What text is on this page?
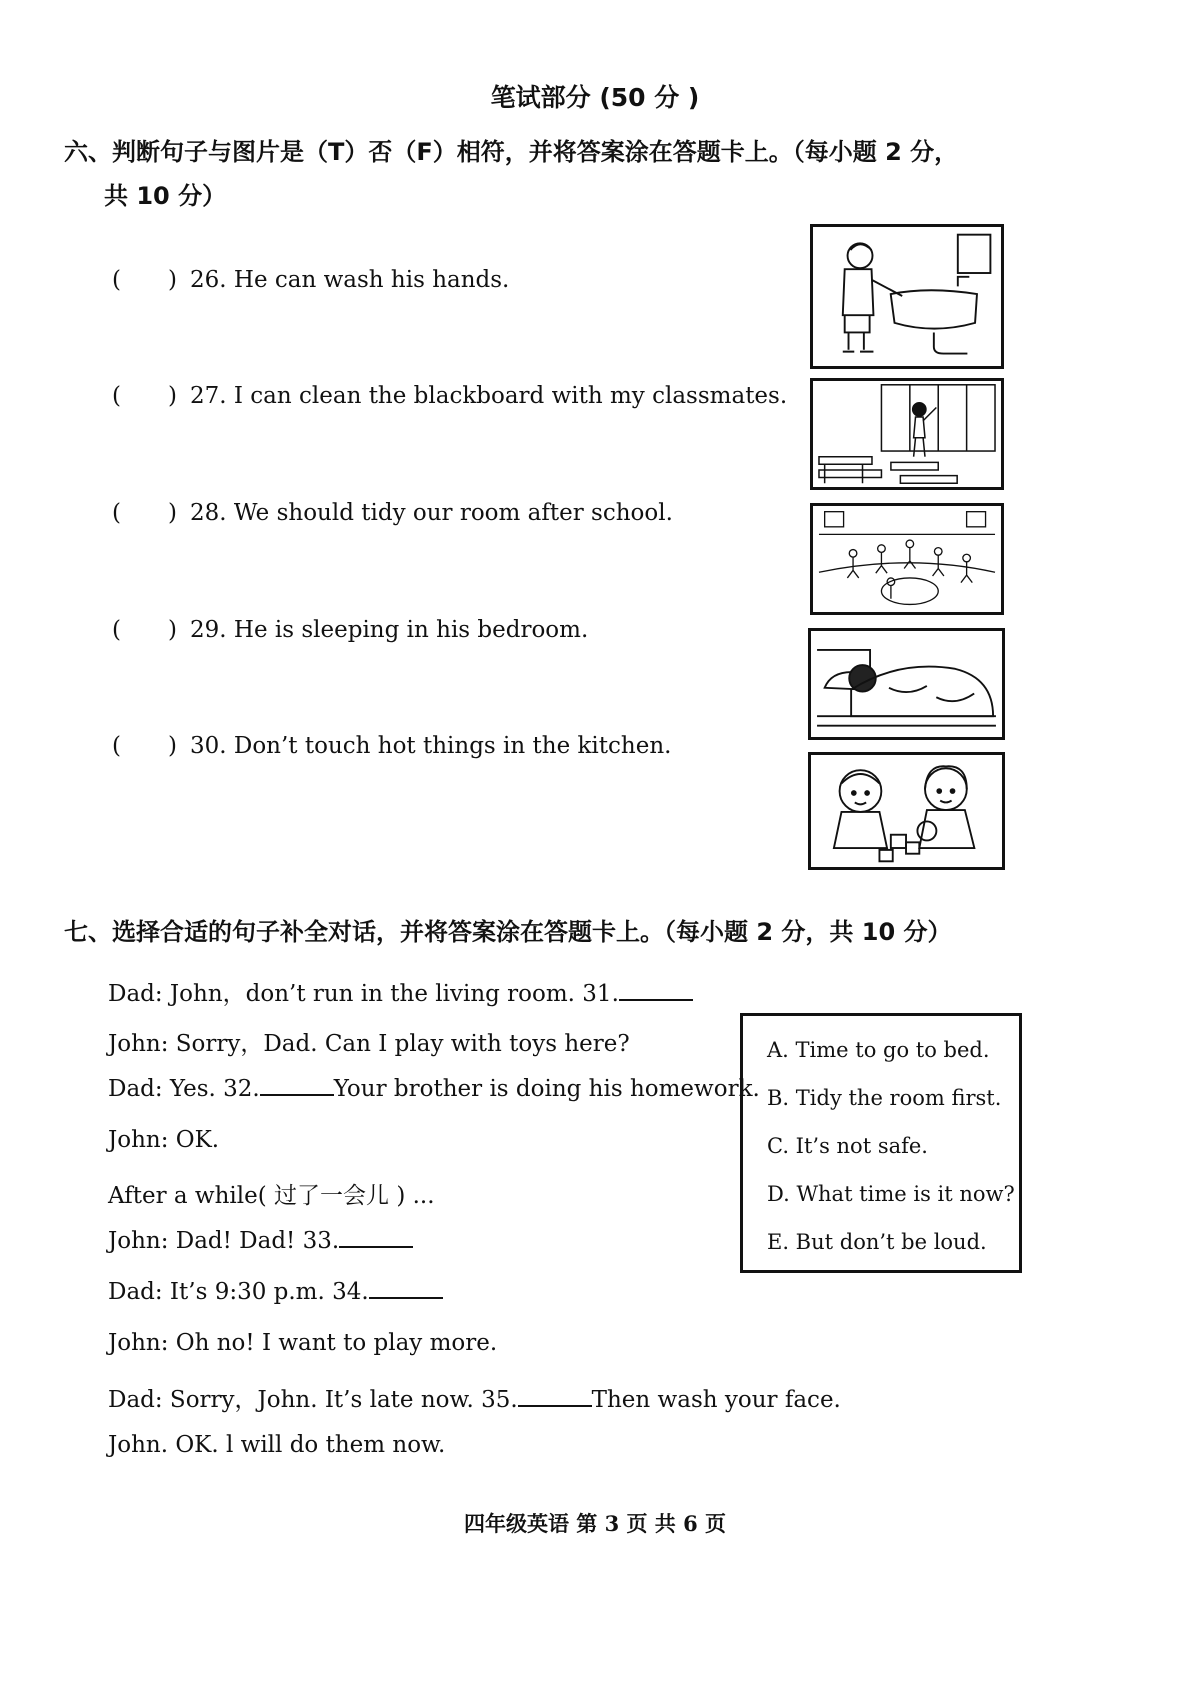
笔试部分 (50 分 )
六、判断句子与图片是（T）否（F）相符，并将答案涂在答题卡上。（每小题 2 分，
共 10 分）
( ) 26. He can wash his hands.
( ) 27. I can clean the blackboard with my classmates.
( ) 28. We should tidy our room after school.
( ) 29. He is sleeping in his bedroom.
( ) 30. Don’t touch hot things in the kitchen.
七、选择合适的句子补全对话，并将答案涂在答题卡上。（每小题 2 分，共 10 分）
Dad: John，don’t run in the living room. 31.
John: Sorry，Dad. Can I play with toys here?
Dad: Yes. 32.	Your brother is doing his homework.
John: OK.
After a while( 过了一会儿 ) ...
John: Dad! Dad! 33.
Dad: It’s 9:30 p.m. 34.
John: Oh no! I want to play more.
Dad: Sorry，John. It’s late now. 35.	Then wash your face.
John. OK. l will do them now.
A. Time to go to bed.
B. Tidy the room first.
C. It’s not safe.
D. What time is it now?
E. But don’t be loud.
四年级英语 第 3 页 共 6 页
